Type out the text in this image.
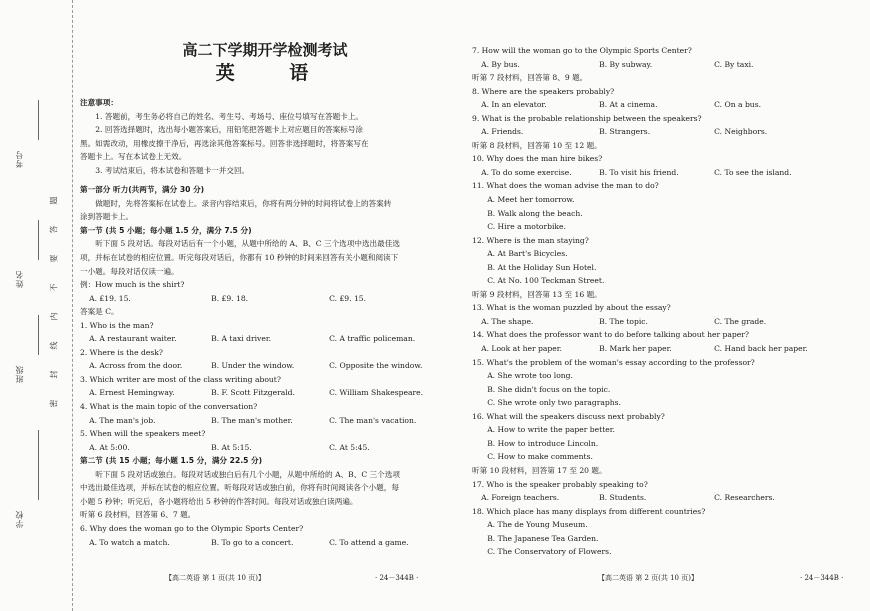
考号
姓名
班级
学校
题
答
要
不
内
线
封
密
高二下学期开学检测考试
英 语
注意事项：
1. 答题前，考生务必将自己的姓名、考生号、考场号、座位号填写在答题卡上。
2. 回答选择题时，选出每小题答案后，用铅笔把答题卡上对应题目的答案标号涂
黑。如需改动，用橡皮擦干净后，再选涂其他答案标号。回答非选择题时，将答案写在
答题卡上。写在本试卷上无效。
3. 考试结束后，将本试卷和答题卡一并交回。
第一部分 听力(共两节，满分 30 分)
做题时，先将答案标在试卷上。录音内容结束后，你将有两分钟的时间将试卷上的答案转
涂到答题卡上。
第一节 (共 5 小题；每小题 1.5 分，满分 7.5 分)
听下面 5 段对话。每段对话后有一个小题，从题中所给的 A、B、C 三个选项中选出最佳选
项，并标在试卷的相应位置。听完每段对话后，你都有 10 秒钟的时间来回答有关小题和阅读下
一小题。每段对话仅读一遍。
例：How much is the shirt?
A. £19. 15.	B. £9. 18.	C. £9. 15.
答案是 C。
1. Who is the man?
A. A restaurant waiter.	B. A taxi driver.	C. A traffic policeman.
2. Where is the desk?
A. Across from the door.	B. Under the window.	C. Opposite the window.
3. Which writer are most of the class writing about?
A. Ernest Hemingway.	B. F. Scott Fitzgerald.	C. William Shakespeare.
4. What is the main topic of the conversation?
A. The man's job.	B. The man's mother.	C. The man's vacation.
5. When will the speakers meet?
A. At 5:00.	B. At 5:15.	C. At 5:45.
第二节 (共 15 小题；每小题 1.5 分，满分 22.5 分)
听下面 5 段对话或独白。每段对话或独白后有几个小题，从题中所给的 A、B、C 三个选项
中选出最佳选项，并标在试卷的相应位置。听每段对话或独白前，你将有时间阅读各个小题，每
小题 5 秒钟；听完后，各小题将给出 5 秒钟的作答时间。每段对话或独白读两遍。
听第 6 段材料，回答第 6、7 题。
6. Why does the woman go to the Olympic Sports Center?
A. To watch a match.	B. To go to a concert.	C. To attend a game.
7. How will the woman go to the Olympic Sports Center?
A. By bus.	B. By subway.	C. By taxi.
听第 7 段材料，回答第 8、9 题。
8. Where are the speakers probably?
A. In an elevator.	B. At a cinema.	C. On a bus.
9. What is the probable relationship between the speakers?
A. Friends.	B. Strangers.	C. Neighbors.
听第 8 段材料，回答第 10 至 12 题。
10. Why does the man hire bikes?
A. To do some exercise.	B. To visit his friend.	C. To see the island.
11. What does the woman advise the man to do?
A. Meet her tomorrow.
B. Walk along the beach.
C. Hire a motorbike.
12. Where is the man staying?
A. At Bart's Bicycles.
B. At the Holiday Sun Hotel.
C. At No. 100 Teckman Street.
听第 9 段材料，回答第 13 至 16 题。
13. What is the woman puzzled by about the essay?
A. The shape.	B. The topic.	C. The grade.
14. What does the professor want to do before talking about her paper?
A. Look at her paper.	B. Mark her paper.	C. Hand back her paper.
15. What's the problem of the woman's essay according to the professor?
A. She wrote too long.
B. She didn't focus on the topic.
C. She wrote only two paragraphs.
16. What will the speakers discuss next probably?
A. How to write the paper better.
B. How to introduce Lincoln.
C. How to make comments.
听第 10 段材料，回答第 17 至 20 题。
17. Who is the speaker probably speaking to?
A. Foreign teachers.	B. Students.	C. Researchers.
18. Which place has many displays from different countries?
A. The de Young Museum.
B. The Japanese Tea Garden.
C. The Conservatory of Flowers.
【高二英语 第 1 页(共 10 页)】	· 24－344B ·	【高二英语 第 2 页(共 10 页)】	· 24－344B ·
